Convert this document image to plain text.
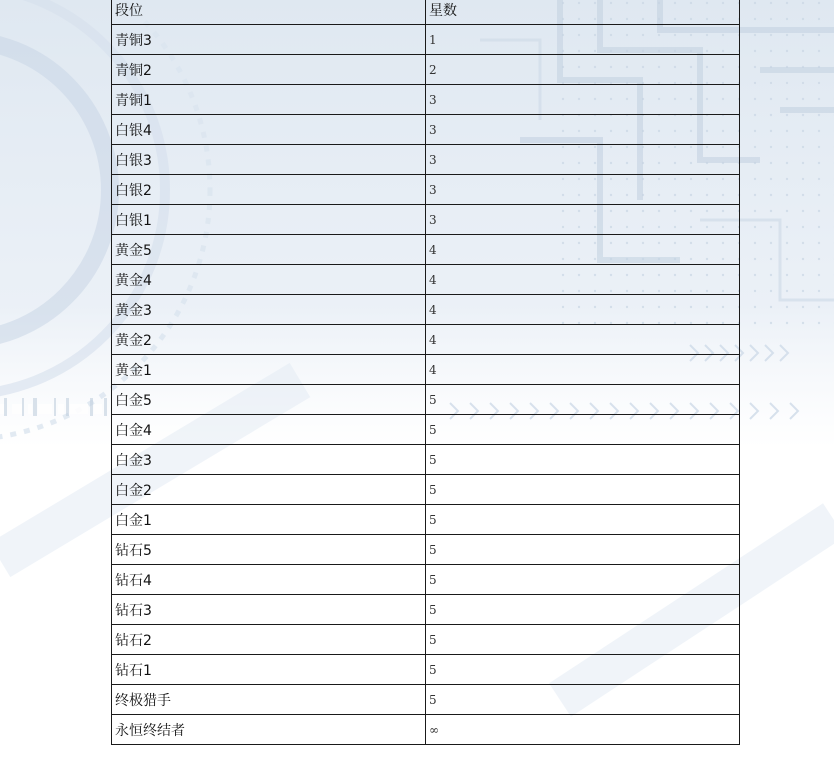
段位	星数
青铜3	1
青铜2	2
青铜1	3
白银4	3
白银3	3
白银2	3
白银1	3
黄金5	4
黄金4	4
黄金3	4
黄金2	4
黄金1	4
白金5	5
白金4	5
白金3	5
白金2	5
白金1	5
钻石5	5
钻石4	5
钻石3	5
钻石2	5
钻石1	5
终极猎手	5
永恒终结者	∞
